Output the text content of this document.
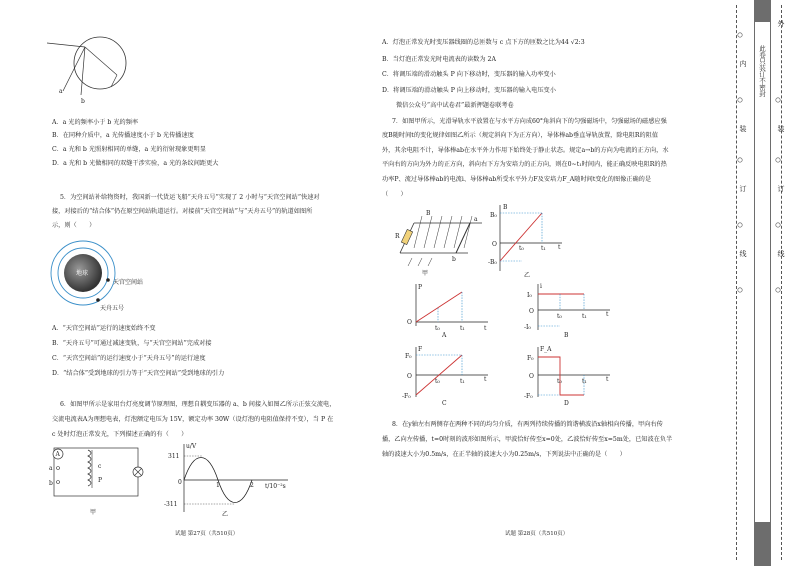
a
b
A．a 光的频率小于 b 光的频率
B．在同种介质中，a 光传播速度小于 b 光传播速度
C．a 光和 b 光照射相同的单缝，a 光的衍射现象更明显
D．a 光和 b 光做相同的双缝干涉实验，a 光的条纹间距更大
5．为空间站补给物资时，我国新一代货运飞船“天舟五号”实现了 2 小时与“天宫空间站”快速对
接，对接后的“结合体”仍在原空间站轨道运行。对接前“天宫空间站”与“天舟五号”的轨道如图所
示，则（　　）
地球
天宫空间站
天舟五号
A．“天宫空间站”运行的速度始终不变
B．“天舟五号”可通过减速变轨，与“天宫空间站”完成对接
C．“天宫空间站”的运行速度小于“天舟五号”的运行速度
D．“结合体”受到地球的引力等于“天宫空间站”受到地球的引力
6．如图甲所示是家用台灯亮度调节原理图，理想自耦变压器的 a、b 间接入如图乙所示正弦交流电，
交流电流表A为理想电表，灯泡额定电压为 15V，额定功率 30W（设灯泡的电阻值保持不变），当 P 在
c 处时灯泡正常发光，下列描述正确的有（　　）
A
a
b
c
P
甲
u/V
311
0
-311
1	2 t/10⁻²s
乙
试题 第27页（共510页）
A．灯泡正常发光时变压器线圈的总匝数与 c 点下方的匝数之比为44 √2:3
B．当灯泡正常发光时电流表的读数为 2A
C．将调压端的滑动触头 P 向下移动时，变压器的输入功率变小
D．将调压端的滑动触头 P 向上移动时，变压器的输入电压变小
微信公众号“高中试卷君”最新押题卷联考卷
7．如图甲所示，光滑导轨水平放置在与水平方向成60°角斜向下的匀强磁场中，匀强磁场的磁感应强
度B随时间t的变化规律如图乙所示（规定斜向下为正方向），导体棒ab垂直导轨放置，除电阻R的阻值
外，其余电阻不计，导体棒ab在水平外力作用下始终处于静止状态。规定a→b的方向为电流的正方向，水
平向右的方向为外力的正方向，斜向右下方为安培力的正方向，则在0~t₁时间内，能正确反映电阻R的热
功率P、流过导体棒ab的电流i、导体棒ab所受水平外力F及安培力F_A随时间t变化的图像正确的是
（　　）
B
a
b
R
甲
B
B₀
O
-B₀
t₀	t₁ t
乙
P
O
t₀	t₁	t
A
i
I₀
O
-I₀
t₀	t₁	t
B
F
F₀
O
-F₀
t₀	t₁	t
C
F_A
F₀
O
-F₀
t₀	t₁	t
D
8．在y轴左右两侧存在两种不同的均匀介质，有两列持续传播的简谐横波沿x轴相向传播，甲向右传
播，乙向左传播，t=0时刻的波形如图所示，甲波恰好传至x=0处，乙波恰好传至x=5m处，已知波在负半
轴的波速大小为0.5m/s，在正半轴的波速大小为0.25m/s，下列说法中正确的是（　　）
试题 第28页（共510页）
内
装
订
线
此卷只装订不密封
外
装
订
线
